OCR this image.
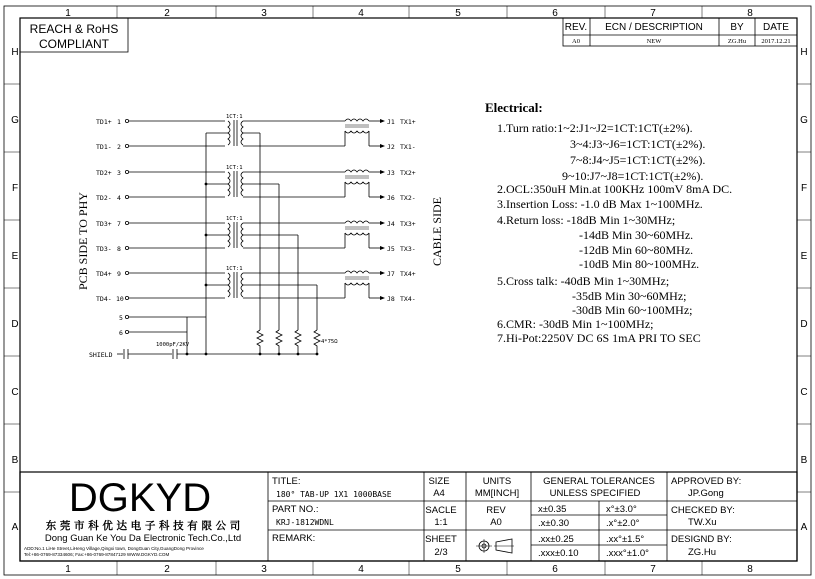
1	2	3	4	5	6	7	8
1	2	3	4	5	6	7	8
H
G
F
E
D
C
B
A
H
G
F
E
D
C
B
A
REACH & RoHS
COMPLIANT
REV. ECN / DESCRIPTION	BY DATE
A0	NEW	ZG.Hu 2017.12.21
PCB SIDE TO PHY	CABLE SIDE
TD1+ 1
TD1- 2
TD2+ 3
TD2- 4
TD3+ 7
TD3- 8
TD4+ 9
TD4- 10
5
6
1CT:1
1CT:1
1CT:1
1CT:1
4*75Ω
SHIELD
1000pF/2KV
J1 TX1+
J2 TX1-
J3 TX2+
J6 TX2-
J4 TX3+
J5 TX3-
J7 TX4+
J8 TX4-
Electrical:
1.Turn ratio:1~2:J1~J2=1CT:1CT(±2%).
3~4:J3~J6=1CT:1CT(±2%).
7~8:J4~J5=1CT:1CT(±2%).
9~10:J7~J8=1CT:1CT(±2%).
2.OCL:350uH Min.at 100KHz 100mV 8mA DC.
3.Insertion Loss: -1.0 dB Max 1~100MHz.
4.Return loss: -18dB Min 1~30MHz;
-14dB Min 30~60MHz.
-12dB Min 60~80MHz.
-10dB Min 80~100MHz.
5.Cross talk: -40dB Min 1~30MHz;
-35dB Min 30~60MHz;
-30dB Min 60~100MHz;
6.CMR: -30dB Min 1~100MHz;
7.Hi-Pot:2250V DC 6S 1mA PRI TO SEC
DGKYD
东 莞 市 科 优 达 电 子 科 技 有 限 公 司
Dong Guan Ke You Da Electronic Tech.Co.,Ltd
ADD:No.1 LiHe Street,LiHeng Village,Qingxi town, DongGuan City,GuangDong Province
Tel:+86-0769-87334606; Fax:+86-0769-87847129 WWW.DGKYD.COM
TITLE:
180° TAB-UP 1X1 1000BASE
PART NO.:
KRJ-1812WDNL
REMARK:
SIZE
A4
UNITS
MM[INCH]
SACLE
1:1
REV
A0
SHEET
2/3
GENERAL TOLERANCES
UNLESS SPECIFIED
x±0.35	x°±3.0°
.x±0.30	.x°±2.0°
.xx±0.25	.xx°±1.5°
.xxx±0.10	.xxx°±1.0°
APPROVED BY:
JP.Gong
CHECKED BY:
TW.Xu
DESIGND BY:
ZG.Hu
